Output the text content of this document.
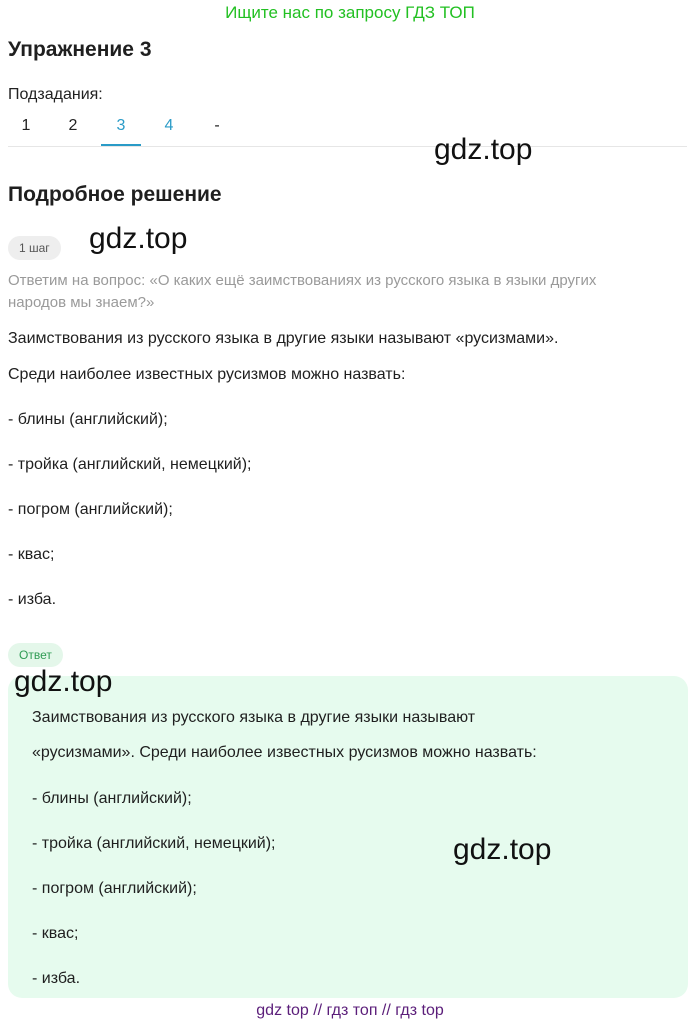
Ищите нас по запросу ГДЗ ТОП
Упражнение 3
Подзадания:
1	2	3	4	-
gdz.top
Подробное решение
1 шаг	gdz.top
Ответим на вопрос: «О каких ещё заимствованиях из русского языка в языки других
народов мы знаем?»
Заимствования из русского языка в другие языки называют «русизмами».
Среди наиболее известных русизмов можно назвать:
- блины (английский);
- тройка (английский, немецкий);
- погром (английский);
- квас;
- изба.
Ответ
gdz.top
Заимствования из русского языка в другие языки называют
«русизмами». Среди наиболее известных русизмов можно назвать:
- блины (английский);
- тройка (английский, немецкий);
- погром (английский);
- квас;
- изба.
gdz.top
gdz top // гдз топ // гдз top
